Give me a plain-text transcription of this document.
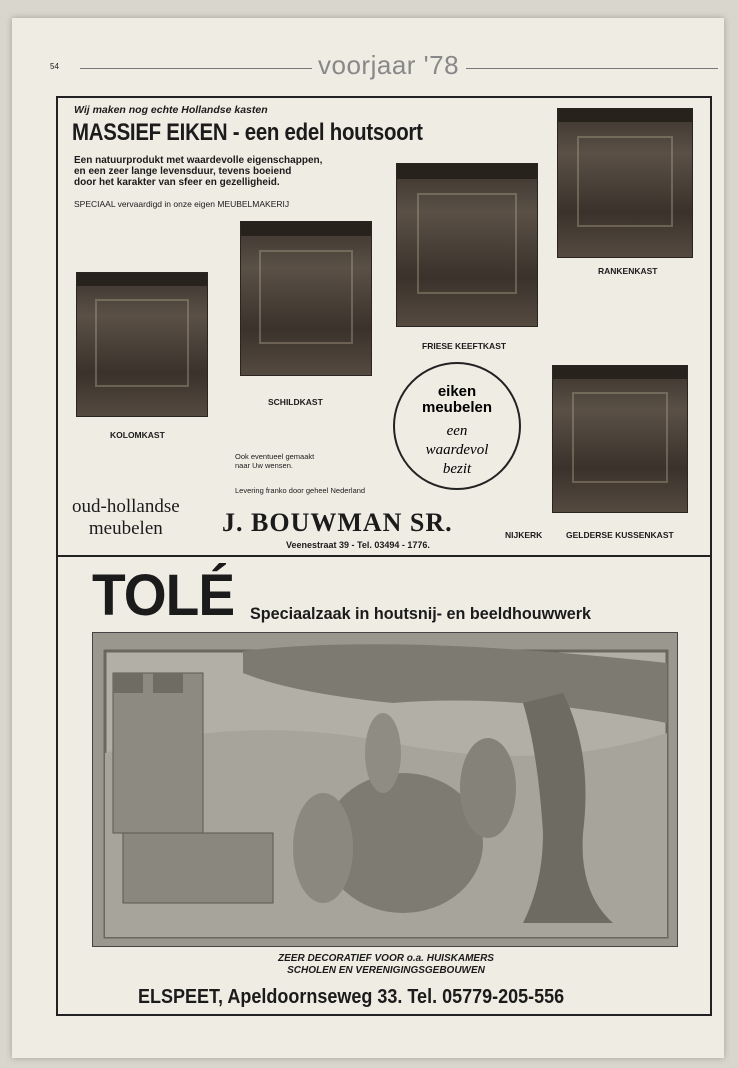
54	voorjaar '78
Wij maken nog echte Hollandse kasten
MASSIEF EIKEN - een edel houtsoort
Een natuurprodukt met waardevolle eigenschappen,
en een zeer lange levensduur, tevens boeiend
door het karakter van sfeer en gezelligheid.
SPECIAAL vervaardigd in onze eigen MEUBELMAKERIJ
KOLOMKAST
SCHILDKAST
FRIESE KEEFTKAST
RANKENKAST
GELDERSE KUSSENKAST
Ook eventueel gemaakt
naar Uw wensen.
Levering franko door geheel Nederland
eiken
meubelen
een
waardevol
bezit
oud-hollandse
meubelen	J. BOUWMAN SR.
Veenestraat 39 - Tel. 03494 - 1776.
NIJKERK
TOLÉ Speciaalzaak in houtsnij- en beeldhouwwerk
ZEER DECORATIEF VOOR o.a. HUISKAMERS
SCHOLEN EN VERENIGINGSGEBOUWEN
ELSPEET, Apeldoornseweg 33. Tel. 05779-205-556
